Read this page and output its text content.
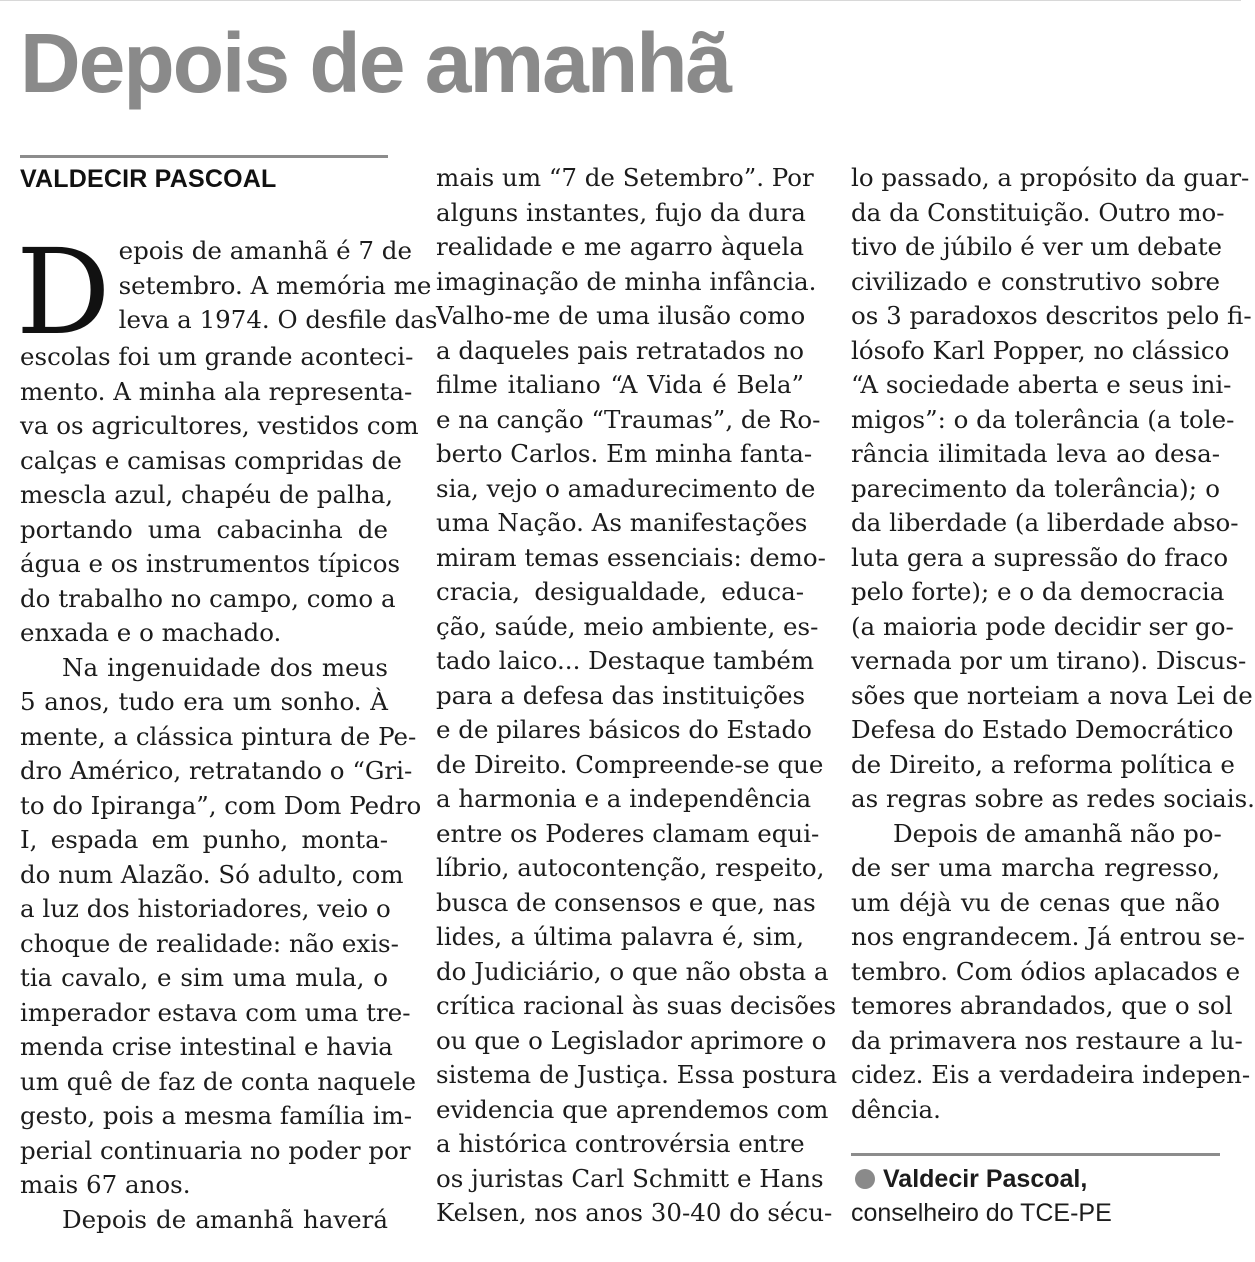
Depois de amanhã
VALDECIR PASCOAL
D epois de amanhã é 7 de
setembro. A memória me
leva a 1974. O desfile das
escolas foi um grande aconteci-
mento. A minha ala representa-
va os agricultores, vestidos com
calças e camisas compridas de
mescla azul, chapéu de palha,
portando uma cabacinha de
água e os instrumentos típicos
do trabalho no campo, como a
enxada e o machado.
Na ingenuidade dos meus
5 anos, tudo era um sonho. À
mente, a clássica pintura de Pe-
dro Américo, retratando o “Gri-
to do Ipiranga”, com Dom Pedro
I, espada em punho, monta-
do num Alazão. Só adulto, com
a luz dos historiadores, veio o
choque de realidade: não exis-
tia cavalo, e sim uma mula, o
imperador estava com uma tre-
menda crise intestinal e havia
um quê de faz de conta naquele
gesto, pois a mesma família im-
perial continuaria no poder por
mais 67 anos.
Depois de amanhã haverá
mais um “7 de Setembro”. Por
alguns instantes, fujo da dura
realidade e me agarro àquela
imaginação de minha infância.
Valho-me de uma ilusão como
a daqueles pais retratados no
filme italiano “A Vida é Bela”
e na canção “Traumas”, de Ro-
berto Carlos. Em minha fanta-
sia, vejo o amadurecimento de
uma Nação. As manifestações
miram temas essenciais: demo-
cracia, desigualdade, educa-
ção, saúde, meio ambiente, es-
tado laico... Destaque também
para a defesa das instituições
e de pilares básicos do Estado
de Direito. Compreende-se que
a harmonia e a independência
entre os Poderes clamam equi-
líbrio, autocontenção, respeito,
busca de consensos e que, nas
lides, a última palavra é, sim,
do Judiciário, o que não obsta a
crítica racional às suas decisões
ou que o Legislador aprimore o
sistema de Justiça. Essa postura
evidencia que aprendemos com
a histórica controvérsia entre
os juristas Carl Schmitt e Hans
Kelsen, nos anos 30-40 do sécu-
lo passado, a propósito da guar-
da da Constituição. Outro mo-
tivo de júbilo é ver um debate
civilizado e construtivo sobre
os 3 paradoxos descritos pelo fi-
lósofo Karl Popper, no clássico
“A sociedade aberta e seus ini-
migos”: o da tolerância (a tole-
rância ilimitada leva ao desa-
parecimento da tolerância); o
da liberdade (a liberdade abso-
luta gera a supressão do fraco
pelo forte); e o da democracia
(a maioria pode decidir ser go-
vernada por um tirano). Discus-
sões que norteiam a nova Lei de
Defesa do Estado Democrático
de Direito, a reforma política e
as regras sobre as redes sociais.
Depois de amanhã não po-
de ser uma marcha regresso,
um déjà vu de cenas que não
nos engrandecem. Já entrou se-
tembro. Com ódios aplacados e
temores abrandados, que o sol
da primavera nos restaure a lu-
cidez. Eis a verdadeira indepen-
dência.
Valdecir Pascoal,
conselheiro do TCE-PE
